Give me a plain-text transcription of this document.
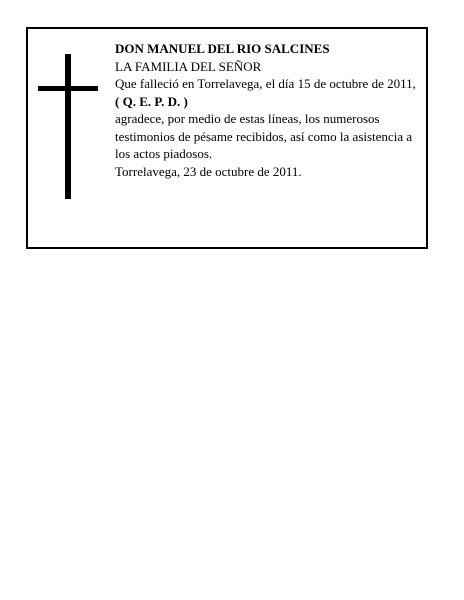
DON MANUEL DEL RIO SALCINES

LA FAMILIA DEL SEÑOR

Que falleció en Torrelavega, el día 15 de octubre de 2011,

( Q. E. P. D. )

agradece, por medio de estas líneas, los numerosos testimonios de pésame recibidos, así como la asistencia a los actos piadosos.

Torrelavega, 23 de octubre de 2011.
